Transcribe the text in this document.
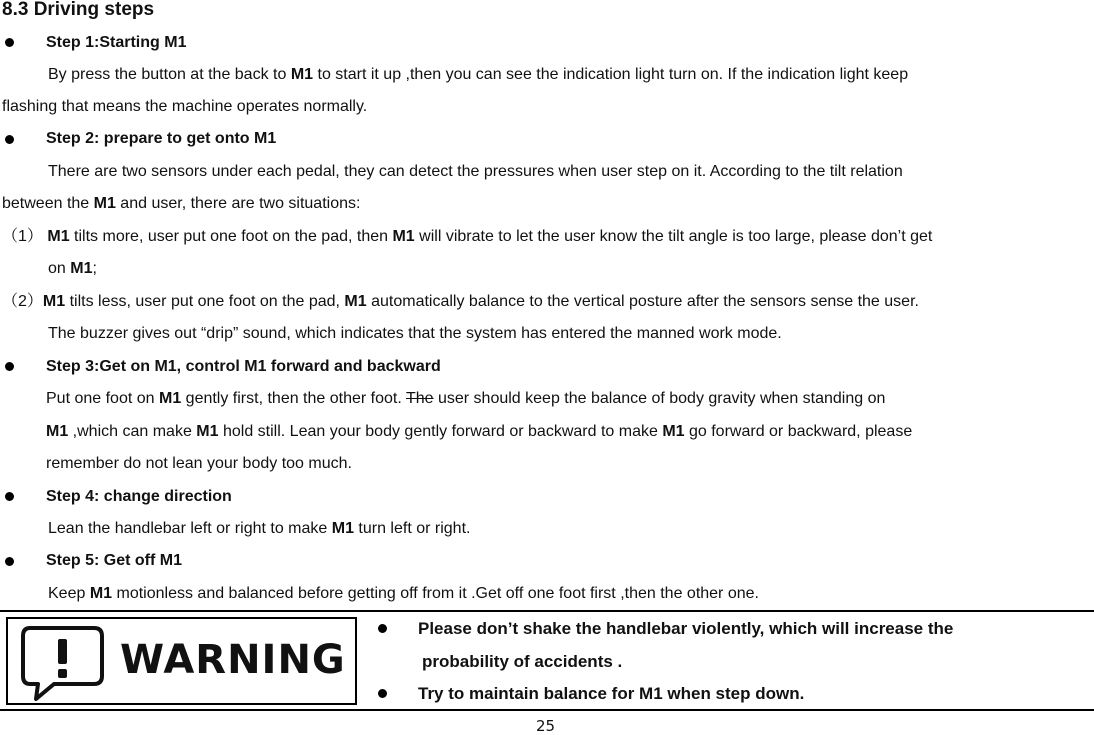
8.3 Driving steps
Step 1:Starting M1
By press the button at the back to M1 to start it up ,then you can see the indication light turn on. If the indication light keep
flashing that means the machine operates normally.
Step 2: prepare to get onto M1
There are two sensors under each pedal, they can detect the pressures when user step on it. According to the tilt relation
between the M1 and user, there are two situations:
（1） M1 tilts more, user put one foot on the pad, then M1 will vibrate to let the user know the tilt angle is too large, please don’t get
on M1;
（2）M1 tilts less, user put one foot on the pad, M1 automatically balance to the vertical posture after the sensors sense the user.
The buzzer gives out “drip” sound, which indicates that the system has entered the manned work mode.
Step 3:Get on M1, control M1 forward and backward
Put one foot on M1 gently first, then the other foot. The user should keep the balance of body gravity when standing on
M1 ,which can make M1 hold still. Lean your body gently forward or backward to make M1 go forward or backward, please
remember do not lean your body too much.
Step 4: change direction
Lean the handlebar left or right to make M1 turn left or right.
Step 5: Get off M1
Keep M1 motionless and balanced before getting off from it .Get off one foot first ,then the other one.
WARNING
Please don’t shake the handlebar violently, which will increase the
probability of accidents .
Try to maintain balance for M1 when step down.
25
